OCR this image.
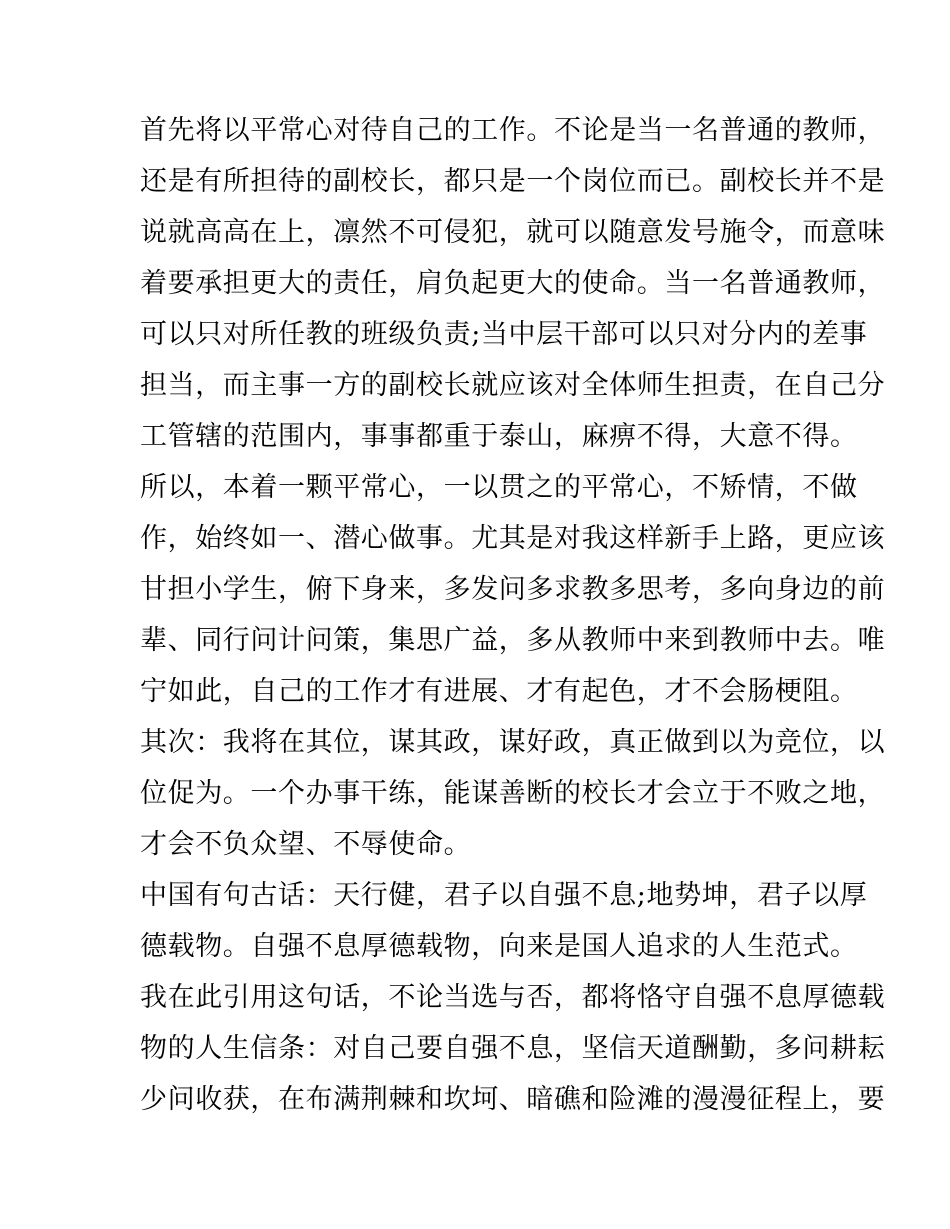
首先将以平常心对待自己的工作。不论是当一名普通的教师，
还是有所担待的副校长，都只是一个岗位而已。副校长并不是
说就高高在上，凛然不可侵犯，就可以随意发号施令，而意味
着要承担更大的责任，肩负起更大的使命。当一名普通教师，
可以只对所任教的班级负责;当中层干部可以只对分内的差事
担当，而主事一方的副校长就应该对全体师生担责，在自己分
工管辖的范围内，事事都重于泰山，麻痹不得，大意不得。
所以，本着一颗平常心，一以贯之的平常心，不矫情，不做
作，始终如一、潜心做事。尤其是对我这样新手上路，更应该
甘担小学生，俯下身来，多发问多求教多思考，多向身边的前
辈、同行问计问策，集思广益，多从教师中来到教师中去。唯
宁如此，自己的工作才有进展、才有起色，才不会肠梗阻。
其次：我将在其位，谋其政，谋好政，真正做到以为竞位，以
位促为。一个办事干练，能谋善断的校长才会立于不败之地，
才会不负众望、不辱使命。
中国有句古话：天行健，君子以自强不息;地势坤，君子以厚
德载物。自强不息厚德载物，向来是国人追求的人生范式。
我在此引用这句话，不论当选与否，都将恪守自强不息厚德载
物的人生信条：对自己要自强不息，坚信天道酬勤，多问耕耘
少问收获，在布满荆棘和坎坷、暗礁和险滩的漫漫征程上，要
